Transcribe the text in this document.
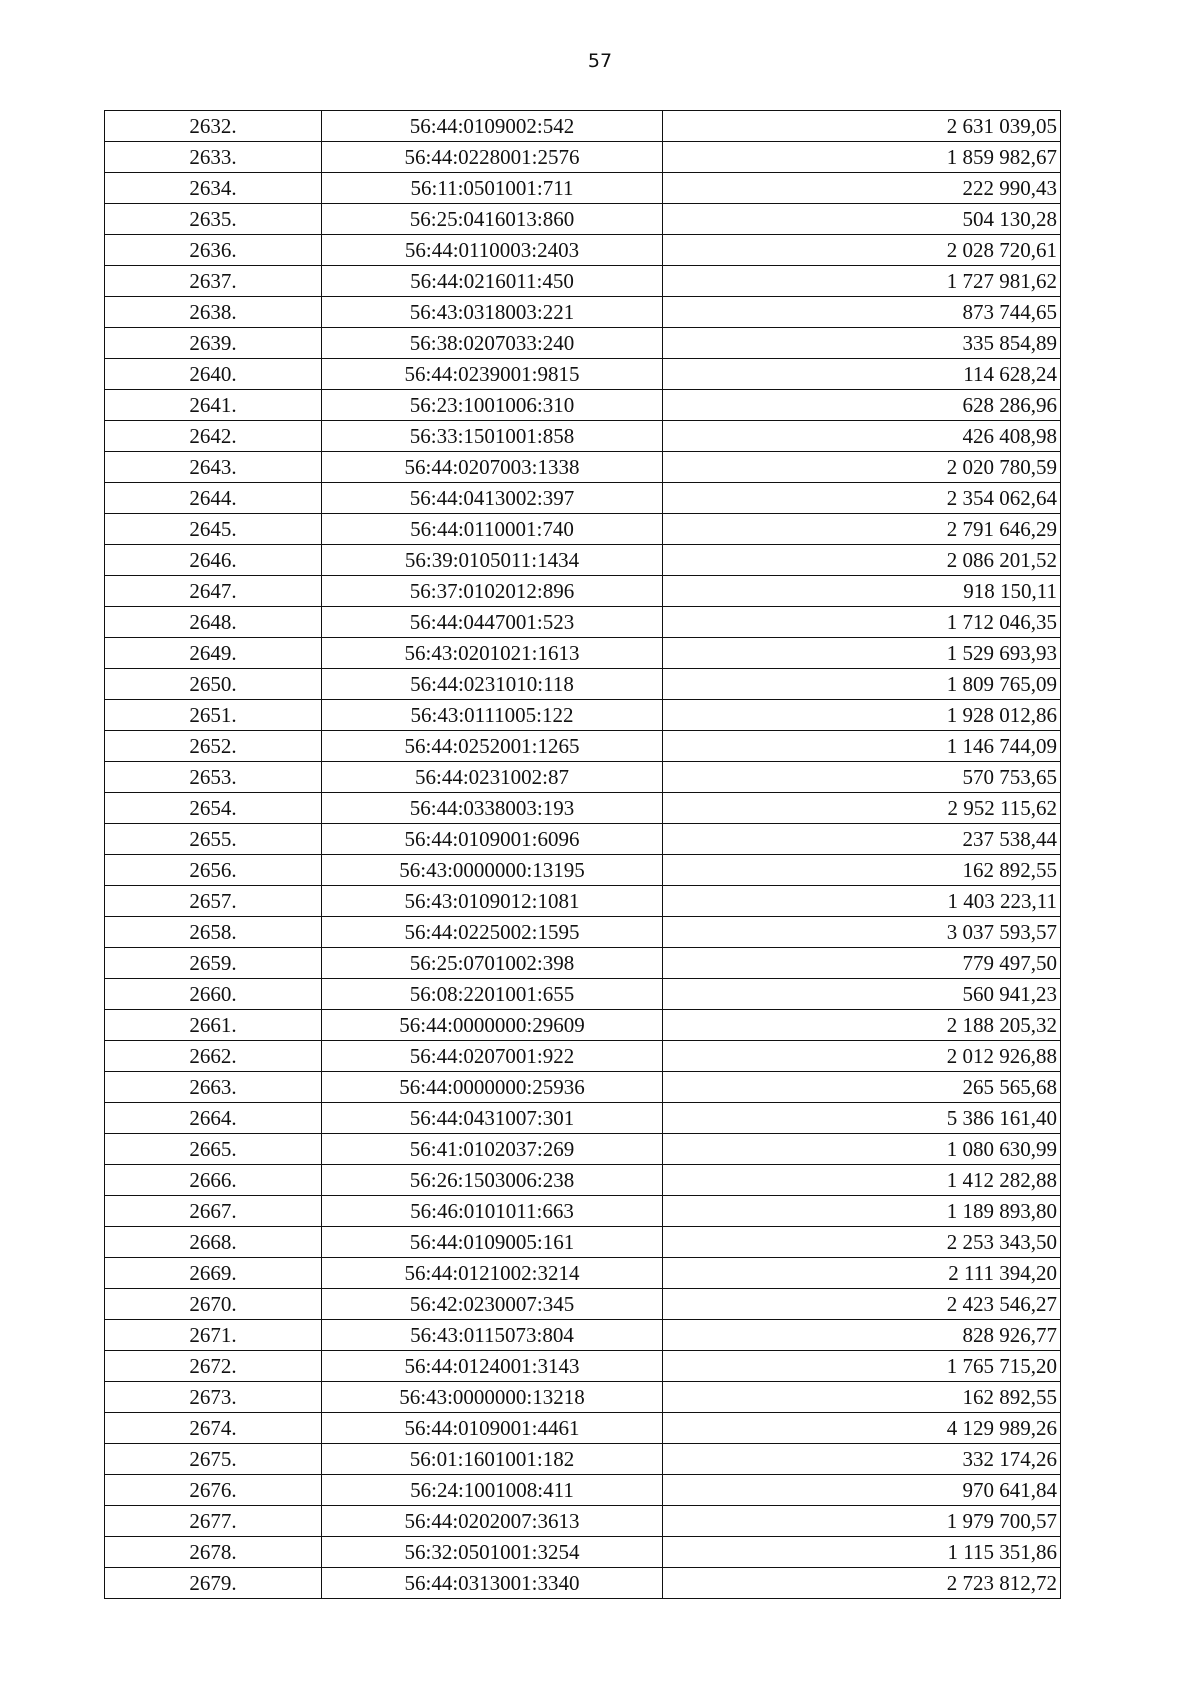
57
2632.	56:44:0109002:542	2 631 039,05
2633.	56:44:0228001:2576	1 859 982,67
2634.	56:11:0501001:711	222 990,43
2635.	56:25:0416013:860	504 130,28
2636.	56:44:0110003:2403	2 028 720,61
2637.	56:44:0216011:450	1 727 981,62
2638.	56:43:0318003:221	873 744,65
2639.	56:38:0207033:240	335 854,89
2640.	56:44:0239001:9815	114 628,24
2641.	56:23:1001006:310	628 286,96
2642.	56:33:1501001:858	426 408,98
2643.	56:44:0207003:1338	2 020 780,59
2644.	56:44:0413002:397	2 354 062,64
2645.	56:44:0110001:740	2 791 646,29
2646.	56:39:0105011:1434	2 086 201,52
2647.	56:37:0102012:896	918 150,11
2648.	56:44:0447001:523	1 712 046,35
2649.	56:43:0201021:1613	1 529 693,93
2650.	56:44:0231010:118	1 809 765,09
2651.	56:43:0111005:122	1 928 012,86
2652.	56:44:0252001:1265	1 146 744,09
2653.	56:44:0231002:87	570 753,65
2654.	56:44:0338003:193	2 952 115,62
2655.	56:44:0109001:6096	237 538,44
2656.	56:43:0000000:13195	162 892,55
2657.	56:43:0109012:1081	1 403 223,11
2658.	56:44:0225002:1595	3 037 593,57
2659.	56:25:0701002:398	779 497,50
2660.	56:08:2201001:655	560 941,23
2661.	56:44:0000000:29609	2 188 205,32
2662.	56:44:0207001:922	2 012 926,88
2663.	56:44:0000000:25936	265 565,68
2664.	56:44:0431007:301	5 386 161,40
2665.	56:41:0102037:269	1 080 630,99
2666.	56:26:1503006:238	1 412 282,88
2667.	56:46:0101011:663	1 189 893,80
2668.	56:44:0109005:161	2 253 343,50
2669.	56:44:0121002:3214	2 111 394,20
2670.	56:42:0230007:345	2 423 546,27
2671.	56:43:0115073:804	828 926,77
2672.	56:44:0124001:3143	1 765 715,20
2673.	56:43:0000000:13218	162 892,55
2674.	56:44:0109001:4461	4 129 989,26
2675.	56:01:1601001:182	332 174,26
2676.	56:24:1001008:411	970 641,84
2677.	56:44:0202007:3613	1 979 700,57
2678.	56:32:0501001:3254	1 115 351,86
2679.	56:44:0313001:3340	2 723 812,72
